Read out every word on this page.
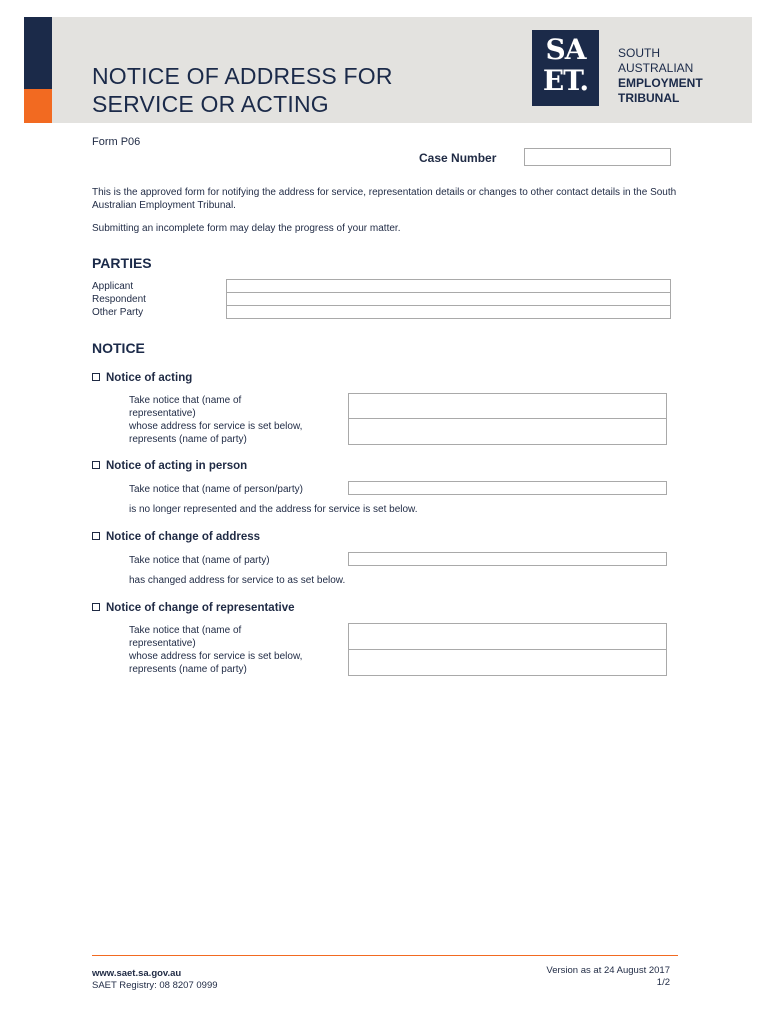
NOTICE OF ADDRESS FOR
SERVICE OR ACTING
SA
ET.
SOUTH
AUSTRALIAN
EMPLOYMENT
TRIBUNAL
Form P06
Case Number
This is the approved form for notifying the address for service, representation details or changes to other contact details in the South Australian Employment Tribunal.
Submitting an incomplete form may delay the progress of your matter.
PARTIES
Applicant
Respondent
Other Party
NOTICE
Notice of acting
Take notice that (name of
representative)
whose address for service is set below,
represents (name of party)
Notice of acting in person
Take notice that (name of person/party)
is no longer represented and the address for service is set below.
Notice of change of address
Take notice that (name of party)
has changed address for service to as set below.
Notice of change of representative
Take notice that (name of
representative)
whose address for service is set below,
represents (name of party)
www.saet.sa.gov.au
SAET Registry: 08 8207 0999
Version as at 24 August 2017
1/2
